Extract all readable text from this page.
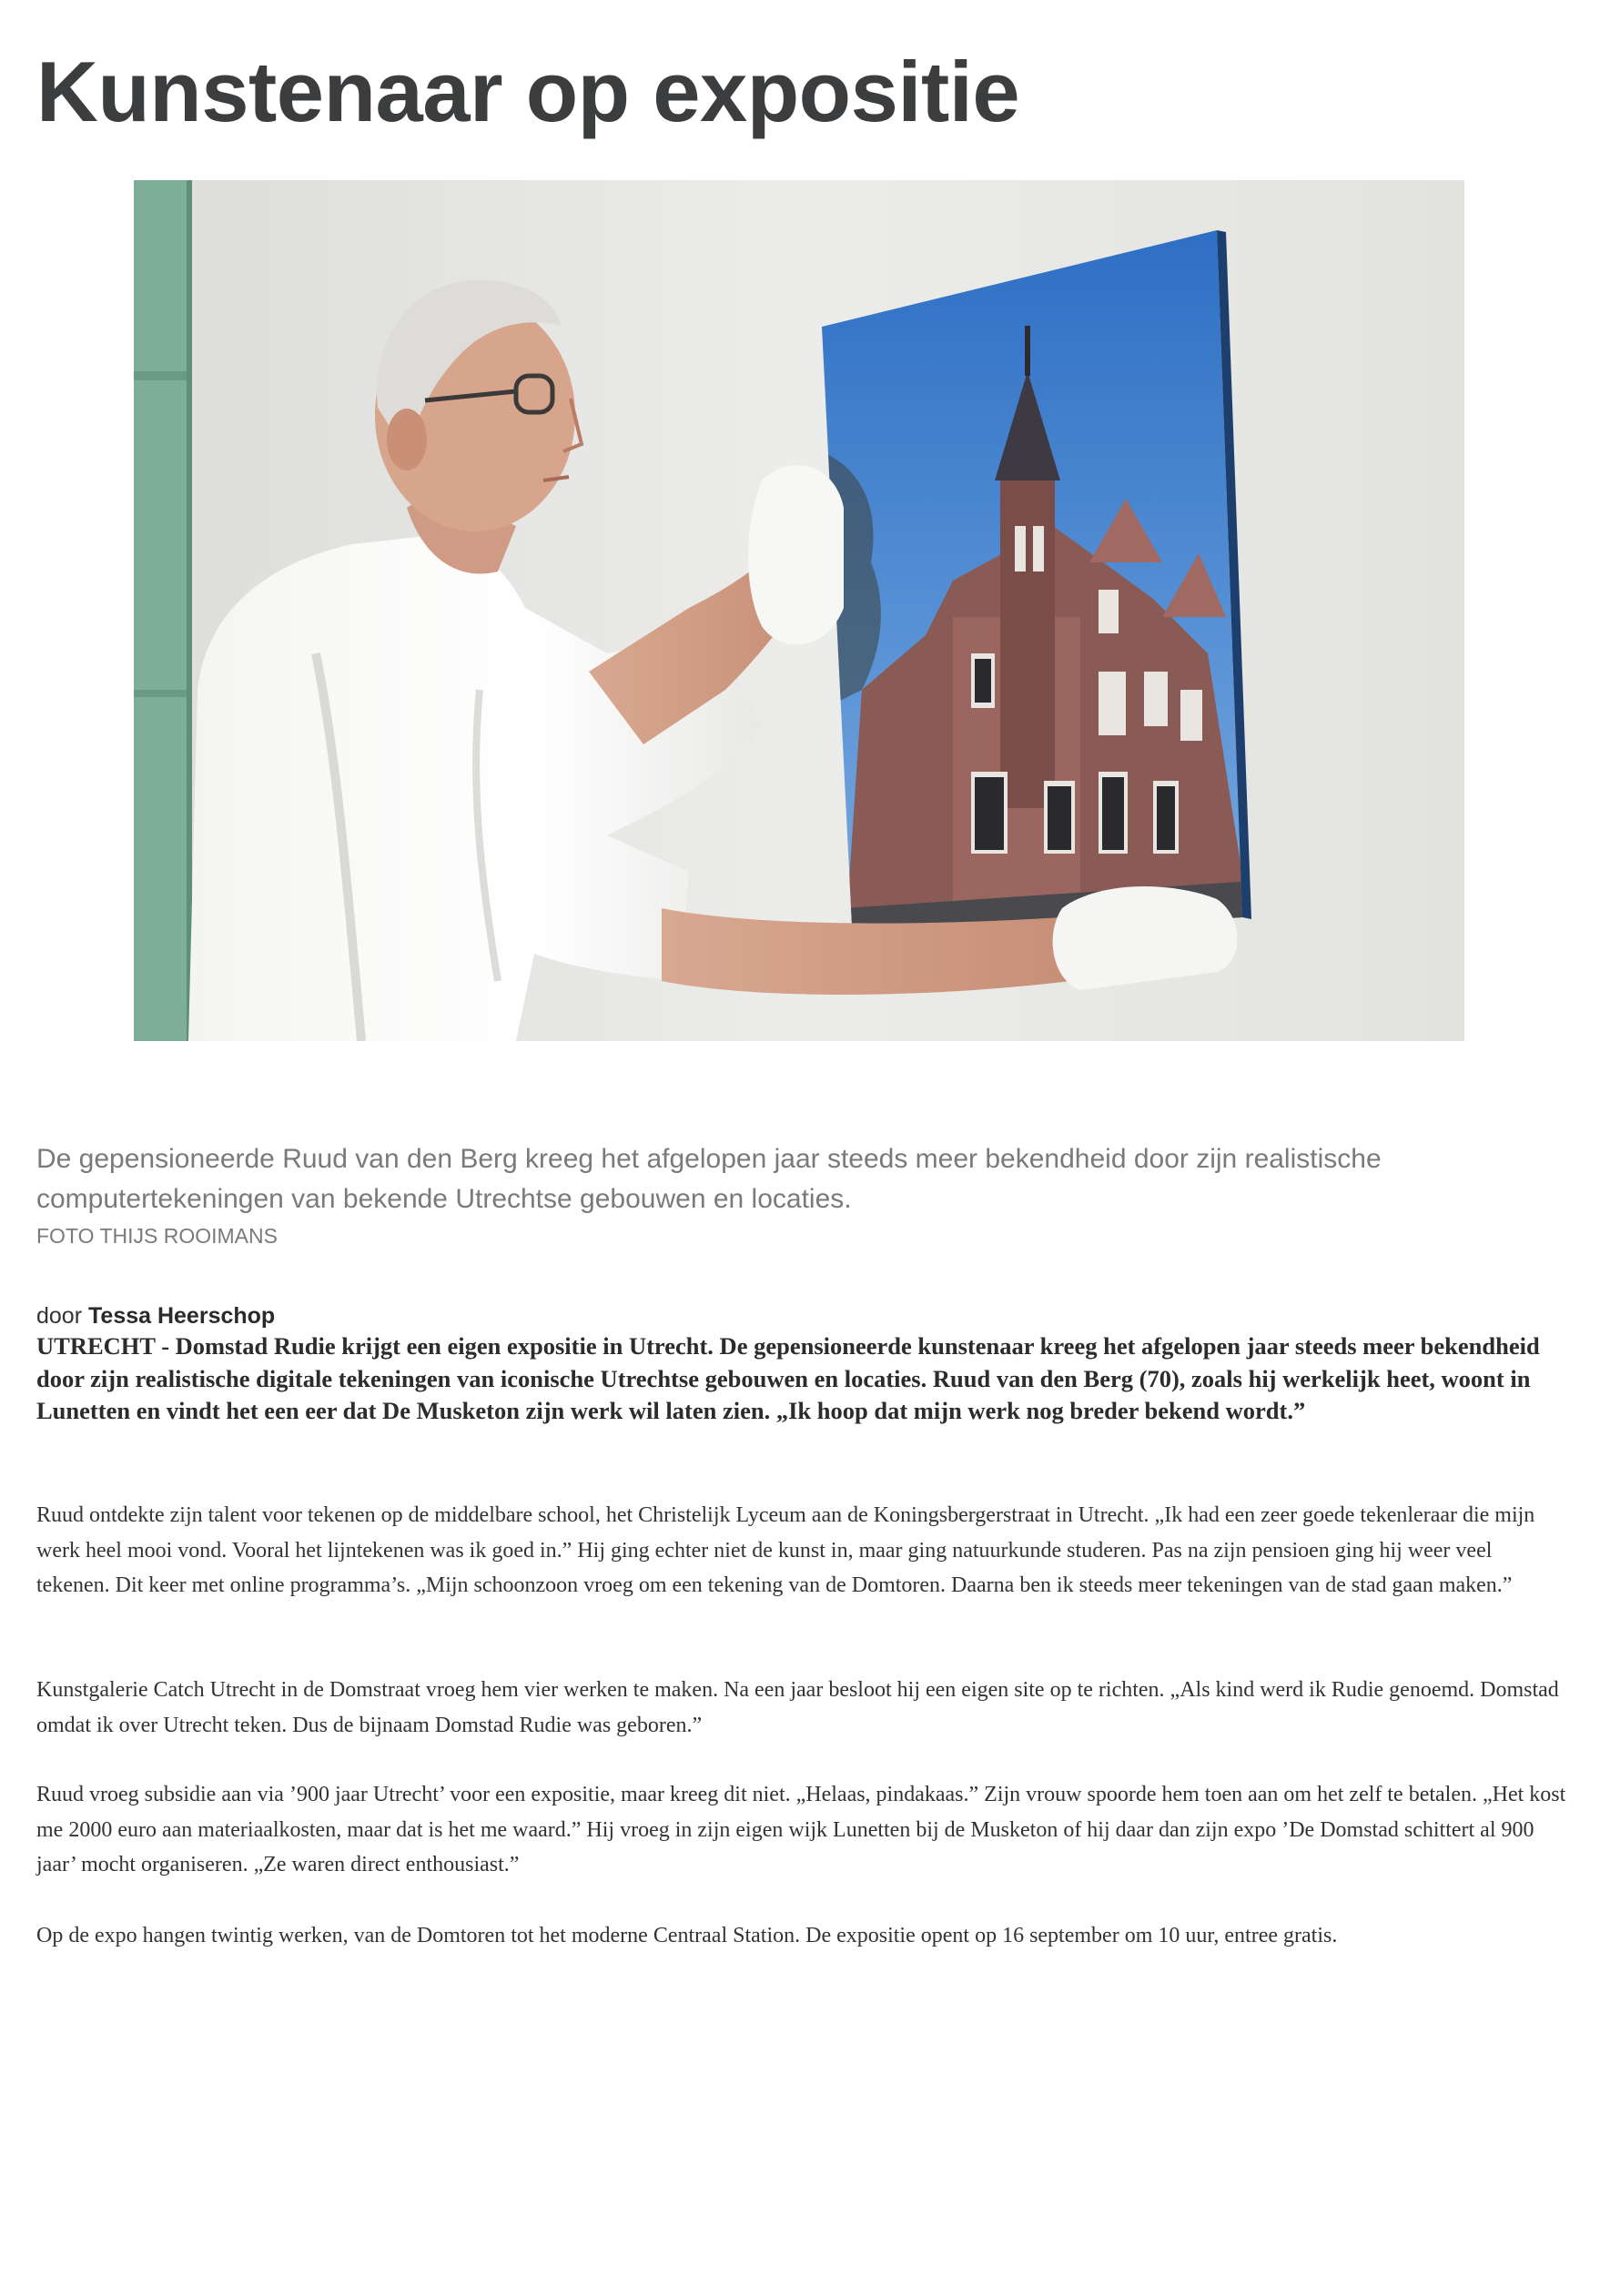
Kunstenaar op expositie

De gepensioneerde Ruud van den Berg kreeg het afgelopen jaar steeds meer bekendheid door zijn realistische computertekeningen van bekende Utrechtse gebouwen en locaties.

FOTO THIJS ROOIMANS

door Tessa Heerschop

UTRECHT - Domstad Rudie krijgt een eigen expositie in Utrecht. De gepensioneerde kunstenaar kreeg het afgelopen jaar steeds meer bekendheid door zijn realistische digitale tekeningen van iconische Utrechtse gebouwen en locaties. Ruud van den Berg (70), zoals hij werkelijk heet, woont in Lunetten en vindt het een eer dat De Musketon zijn werk wil laten zien. „Ik hoop dat mijn werk nog breder bekend wordt.”

Ruud ontdekte zijn talent voor tekenen op de middelbare school, het Christelijk Lyceum aan de Koningsbergerstraat in Utrecht. „Ik had een zeer goede tekenleraar die mijn werk heel mooi vond. Vooral het lijntekenen was ik goed in.” Hij ging echter niet de kunst in, maar ging natuurkunde studeren. Pas na zijn pensioen ging hij weer veel tekenen. Dit keer met online programma’s. „Mijn schoonzoon vroeg om een tekening van de Domtoren. Daarna ben ik steeds meer tekeningen van de stad gaan maken.”

Kunstgalerie Catch Utrecht in de Domstraat vroeg hem vier werken te maken. Na een jaar besloot hij een eigen site op te richten. „Als kind werd ik Rudie genoemd. Domstad omdat ik over Utrecht teken. Dus de bijnaam Domstad Rudie was geboren.”

Ruud vroeg subsidie aan via ’900 jaar Utrecht’ voor een expositie, maar kreeg dit niet. „Helaas, pindakaas.” Zijn vrouw spoorde hem toen aan om het zelf te betalen. „Het kost me 2000 euro aan materiaalkosten, maar dat is het me waard.” Hij vroeg in zijn eigen wijk Lunetten bij de Musketon of hij daar dan zijn expo ’De Domstad schittert al 900 jaar’ mocht organiseren. „Ze waren direct enthousiast.”

Op de expo hangen twintig werken, van de Domtoren tot het moderne Centraal Station. De expositie opent op 16 september om 10 uur, entree gratis.
